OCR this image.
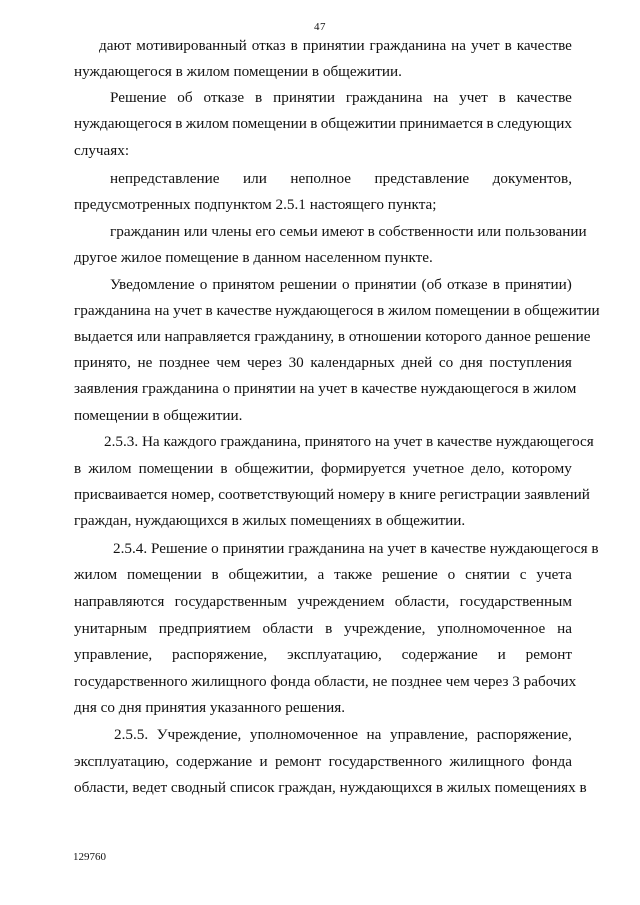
47
дают мотивированный отказ в принятии гражданина на учет в качестве
нуждающегося в жилом помещении в общежитии.
Решение об отказе в принятии гражданина на учет в качестве
нуждающегося в жилом помещении в общежитии принимается в следующих
случаях:
непредставление или неполное представление документов,
предусмотренных подпунктом 2.5.1 настоящего пункта;
гражданин или члены его семьи имеют в собственности или пользовании
другое жилое помещение в данном населенном пункте.
Уведомление о принятом решении о принятии (об отказе в принятии)
гражданина на учет в качестве нуждающегося в жилом помещении в общежитии
выдается или направляется гражданину, в отношении которого данное решение
принято, не позднее чем через 30 календарных дней со дня поступления
заявления гражданина о принятии на учет в качестве нуждающегося в жилом
помещении в общежитии.
2.5.3. На каждого гражданина, принятого на учет в качестве нуждающегося
в жилом помещении в общежитии, формируется учетное дело, которому
присваивается номер, соответствующий номеру в книге регистрации заявлений
граждан, нуждающихся в жилых помещениях в общежитии.
2.5.4. Решение о принятии гражданина на учет в качестве нуждающегося в
жилом помещении в общежитии, а также решение о снятии с учета
направляются государственным учреждением области, государственным
унитарным предприятием области в учреждение, уполномоченное на
управление, распоряжение, эксплуатацию, содержание и ремонт
государственного жилищного фонда области, не позднее чем через 3 рабочих
дня со дня принятия указанного решения.
2.5.5. Учреждение, уполномоченное на управление, распоряжение,
эксплуатацию, содержание и ремонт государственного жилищного фонда
области, ведет сводный список граждан, нуждающихся в жилых помещениях в
129760
